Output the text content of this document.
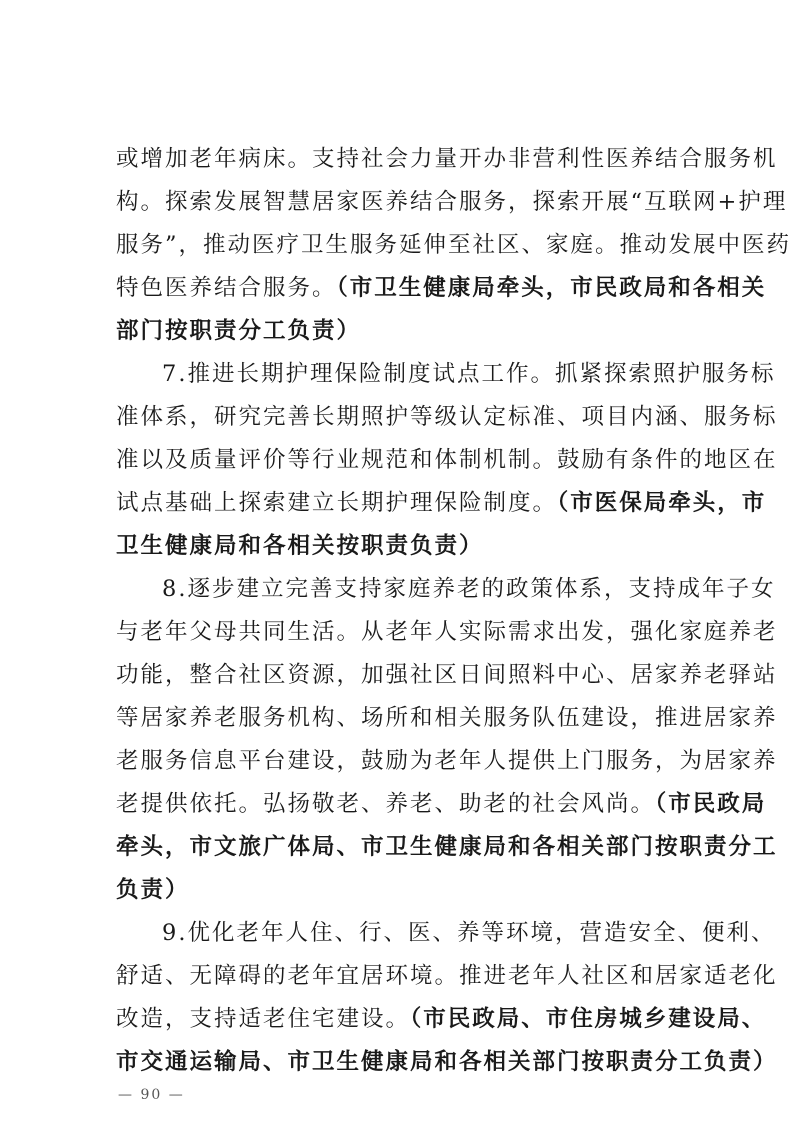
或增加老年病床。支持社会力量开办非营利性医养结合服务机
构。探索发展智慧居家医养结合服务，探索开展“互联网+护理
服务”，推动医疗卫生服务延伸至社区、家庭。推动发展中医药
特色医养结合服务。（市卫生健康局牵头，市民政局和各相关
部门按职责分工负责）
7.推进长期护理保险制度试点工作。抓紧探索照护服务标
准体系，研究完善长期照护等级认定标准、项目内涵、服务标
准以及质量评价等行业规范和体制机制。鼓励有条件的地区在
试点基础上探索建立长期护理保险制度。（市医保局牵头，市
卫生健康局和各相关按职责负责）
8.逐步建立完善支持家庭养老的政策体系，支持成年子女
与老年父母共同生活。从老年人实际需求出发，强化家庭养老
功能，整合社区资源，加强社区日间照料中心、居家养老驿站
等居家养老服务机构、场所和相关服务队伍建设，推进居家养
老服务信息平台建设，鼓励为老年人提供上门服务，为居家养
老提供依托。弘扬敬老、养老、助老的社会风尚。（市民政局
牵头，市文旅广体局、市卫生健康局和各相关部门按职责分工
负责）
9.优化老年人住、行、医、养等环境，营造安全、便利、
舒适、无障碍的老年宜居环境。推进老年人社区和居家适老化
改造，支持适老住宅建设。（市民政局、市住房城乡建设局、
市交通运输局、市卫生健康局和各相关部门按职责分工负责）
— 90 —
